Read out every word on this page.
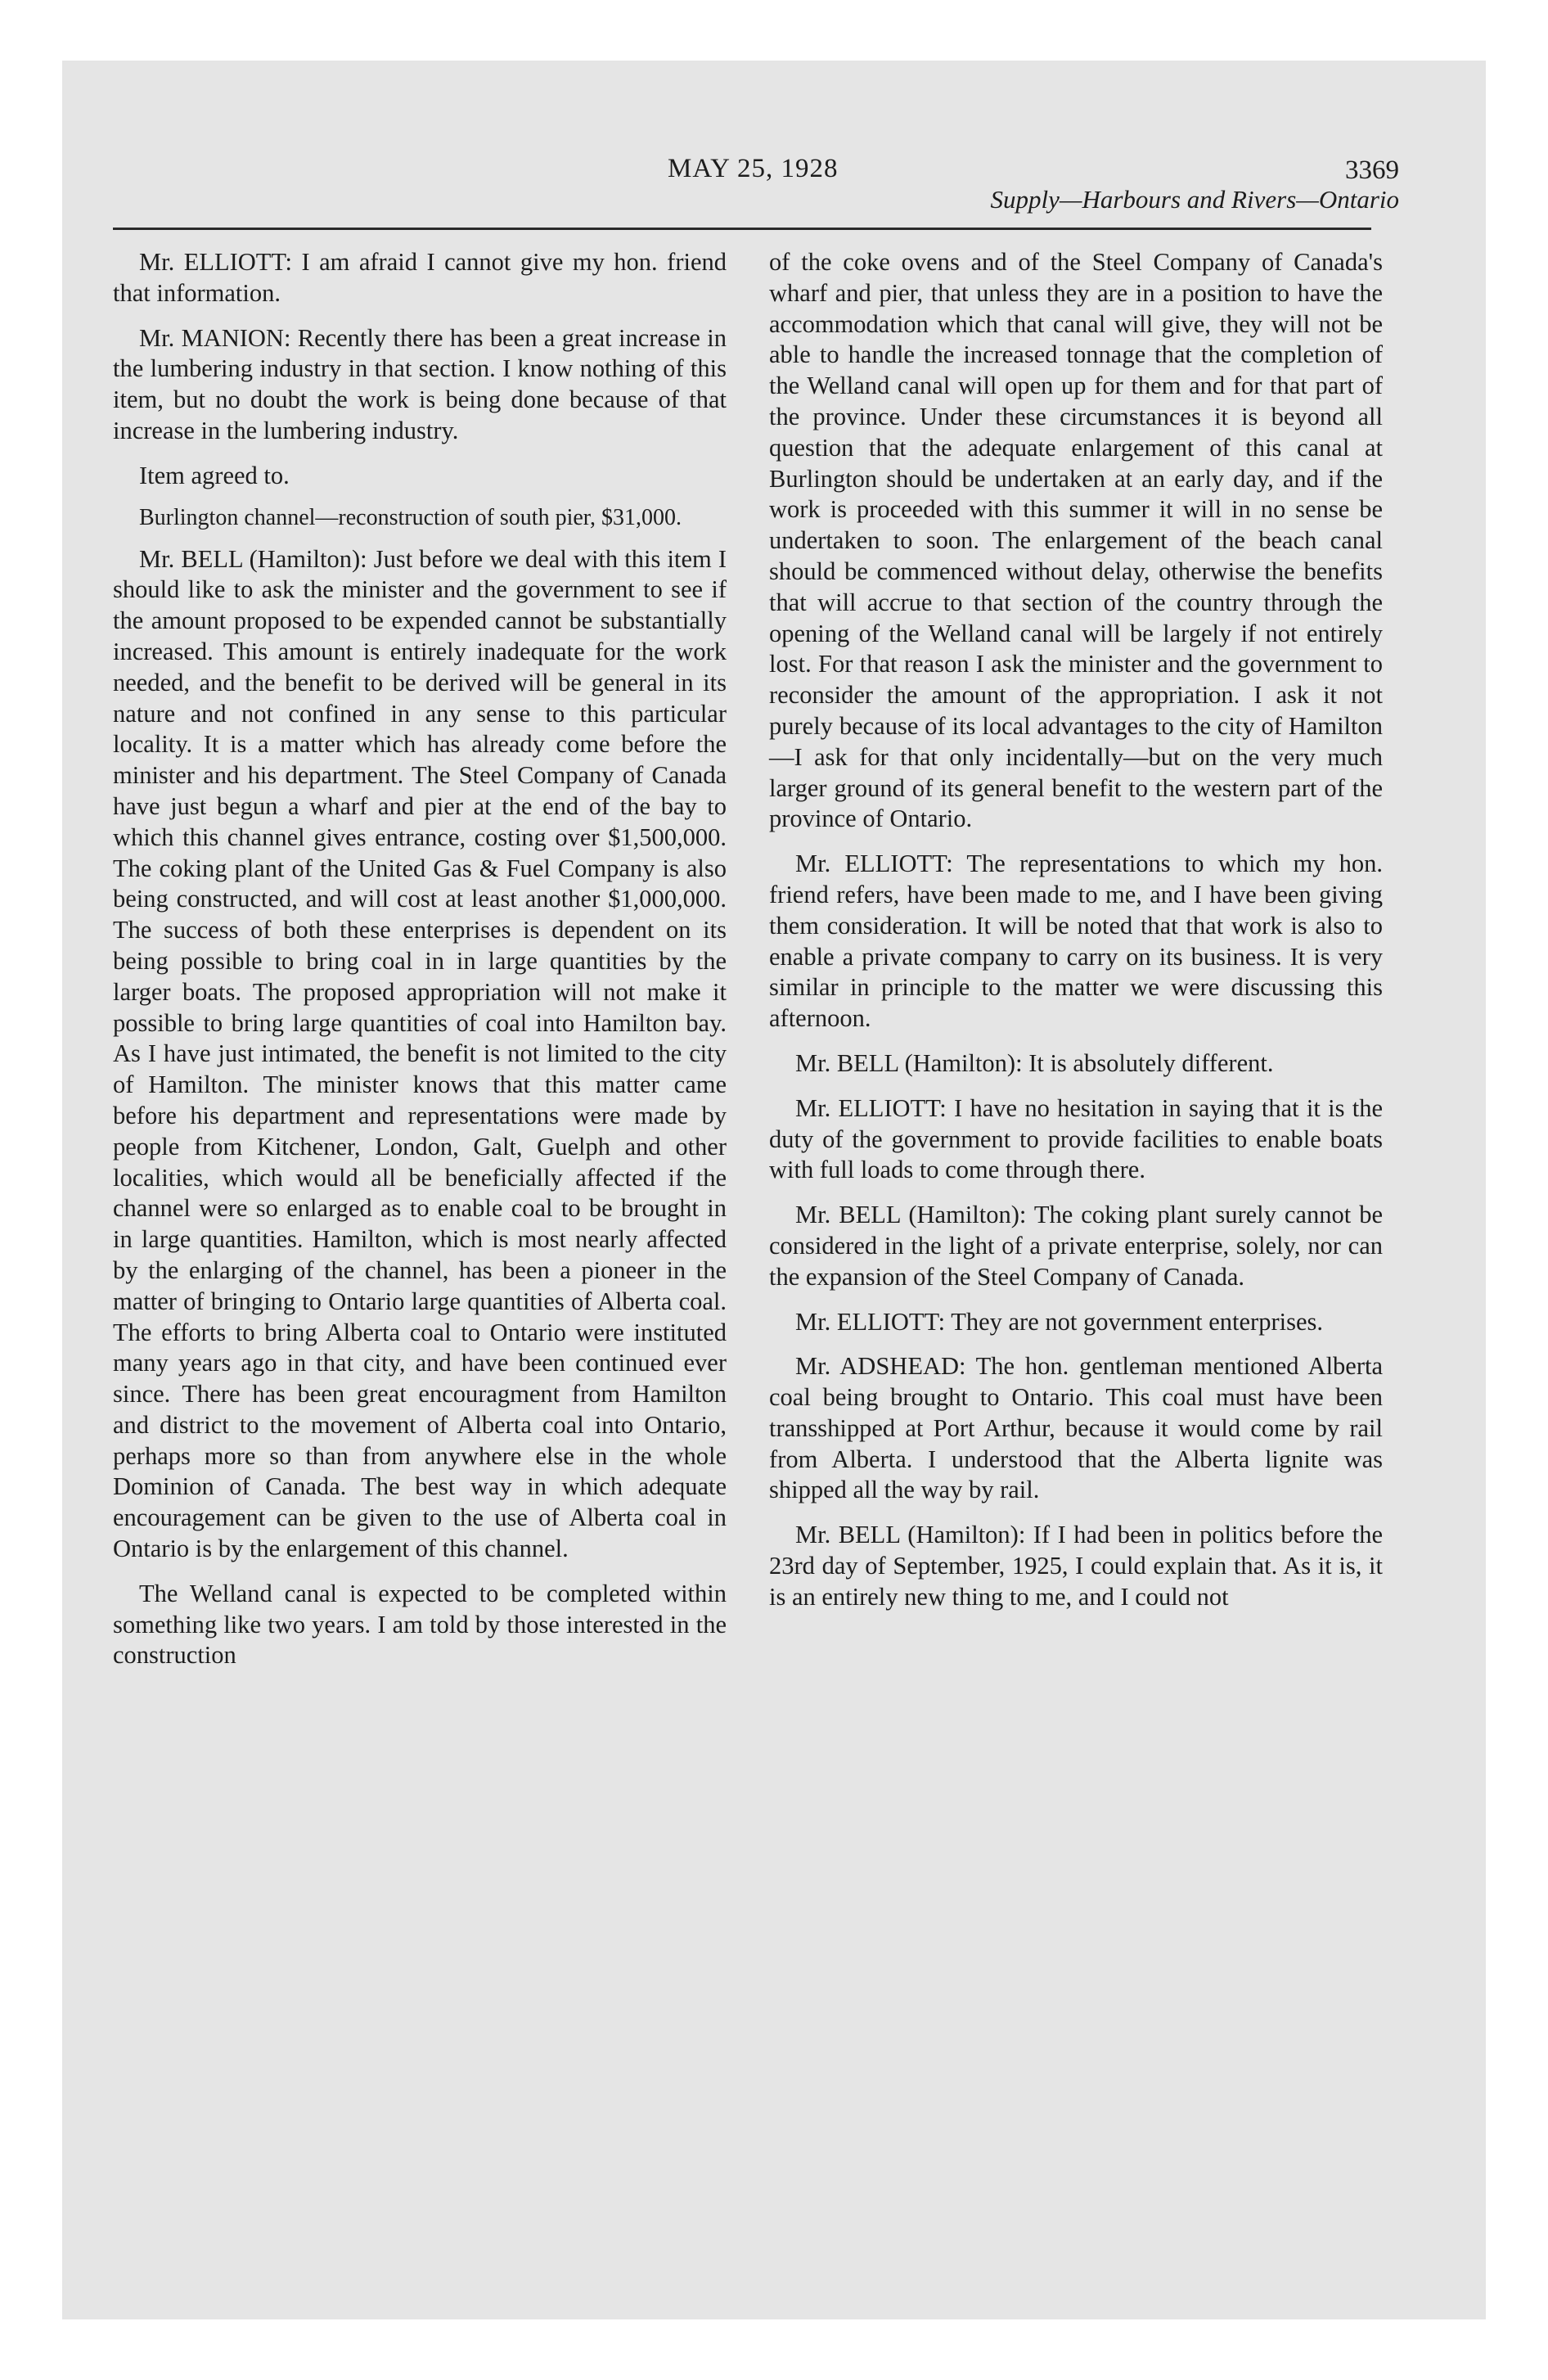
MAY 25, 1928	3369
Supply—Harbours and Rivers—Ontario

Mr. ELLIOTT: I am afraid I cannot give my hon. friend that information.

Mr. MANION: Recently there has been a great increase in the lumbering industry in that section. I know nothing of this item, but no doubt the work is being done because of that increase in the lumbering industry.

Item agreed to.

Burlington channel—reconstruction of south pier, $31,000.

Mr. BELL (Hamilton): Just before we deal with this item I should like to ask the minister and the government to see if the amount proposed to be expended cannot be substantially increased. This amount is entirely inadequate for the work needed, and the benefit to be derived will be general in its nature and not confined in any sense to this particular locality. It is a matter which has already come before the minister and his department. The Steel Company of Canada have just begun a wharf and pier at the end of the bay to which this channel gives entrance, costing over $1,500,000. The coking plant of the United Gas & Fuel Company is also being constructed, and will cost at least another $1,000,000. The success of both these enterprises is dependent on its being possible to bring coal in in large quantities by the larger boats. The proposed appropriation will not make it possible to bring large quantities of coal into Hamilton bay. As I have just intimated, the benefit is not limited to the city of Hamilton. The minister knows that this matter came before his department and representations were made by people from Kitchener, London, Galt, Guelph and other localities, which would all be beneficially affected if the channel were so enlarged as to enable coal to be brought in in large quantities. Hamilton, which is most nearly affected by the enlarging of the channel, has been a pioneer in the matter of bringing to Ontario large quantities of Alberta coal. The efforts to bring Alberta coal to Ontario were instituted many years ago in that city, and have been continued ever since. There has been great encouragment from Hamilton and district to the movement of Alberta coal into Ontario, perhaps more so than from anywhere else in the whole Dominion of Canada. The best way in which adequate encouragement can be given to the use of Alberta coal in Ontario is by the enlargement of this channel.

The Welland canal is expected to be completed within something like two years. I am told by those interested in the construction

of the coke ovens and of the Steel Company of Canada's wharf and pier, that unless they are in a position to have the accommodation which that canal will give, they will not be able to handle the increased tonnage that the completion of the Welland canal will open up for them and for that part of the province. Under these circumstances it is beyond all question that the adequate enlargement of this canal at Burlington should be undertaken at an early day, and if the work is proceeded with this summer it will in no sense be undertaken to soon. The enlargement of the beach canal should be commenced without delay, otherwise the benefits that will accrue to that section of the country through the opening of the Welland canal will be largely if not entirely lost. For that reason I ask the minister and the government to reconsider the amount of the appropriation. I ask it not purely because of its local advantages to the city of Hamilton—I ask for that only incidentally—but on the very much larger ground of its general benefit to the western part of the province of Ontario.

Mr. ELLIOTT: The representations to which my hon. friend refers, have been made to me, and I have been giving them consideration. It will be noted that that work is also to enable a private company to carry on its business. It is very similar in principle to the matter we were discussing this afternoon.

Mr. BELL (Hamilton): It is absolutely different.

Mr. ELLIOTT: I have no hesitation in saying that it is the duty of the government to provide facilities to enable boats with full loads to come through there.

Mr. BELL (Hamilton): The coking plant surely cannot be considered in the light of a private enterprise, solely, nor can the expansion of the Steel Company of Canada.

Mr. ELLIOTT: They are not government enterprises.

Mr. ADSHEAD: The hon. gentleman mentioned Alberta coal being brought to Ontario. This coal must have been transshipped at Port Arthur, because it would come by rail from Alberta. I understood that the Alberta lignite was shipped all the way by rail.

Mr. BELL (Hamilton): If I had been in politics before the 23rd day of September, 1925, I could explain that. As it is, it is an entirely new thing to me, and I could not
